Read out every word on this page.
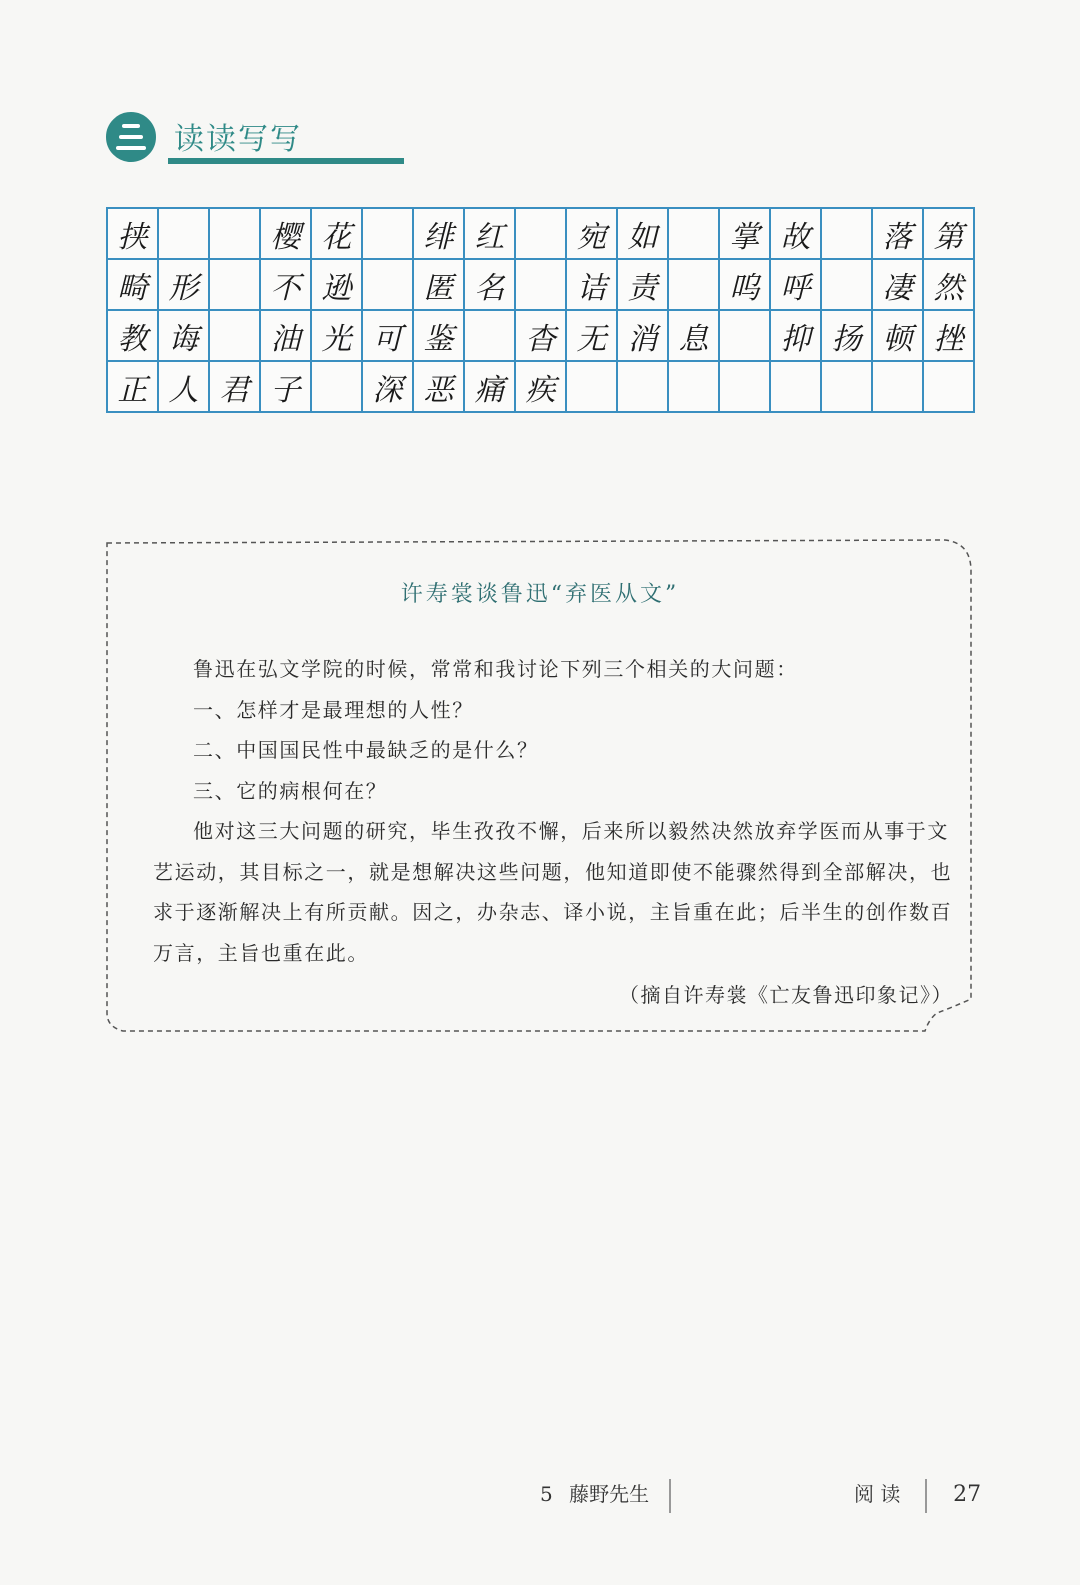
读读写写
挟	樱 花	绯 红	宛 如	掌 故	落 第
畸 形	不 逊	匿 名	诘 责	呜 呼	凄 然
教 诲	油 光 可 鉴	杳 无 消 息	抑 扬 顿 挫
正 人 君 子	深 恶 痛 疾
许寿裳谈鲁迅“弃医从文”

鲁迅在弘文学院的时候，常常和我讨论下列三个相关的大问题：

一、怎样才是最理想的人性？

二、中国国民性中最缺乏的是什么？

三、它的病根何在？

他对这三大问题的研究，毕生孜孜不懈，后来所以毅然决然放弃学医而从事于文艺运动，其目标之一，就是想解决这些问题，他知道即使不能骤然得到全部解决，也求于逐渐解决上有所贡献。因之，办杂志、译小说，主旨重在此；后半生的创作数百万言，主旨也重在此。

（摘自许寿裳《亡友鲁迅印象记》）
5 藤野先生	阅 读 27
